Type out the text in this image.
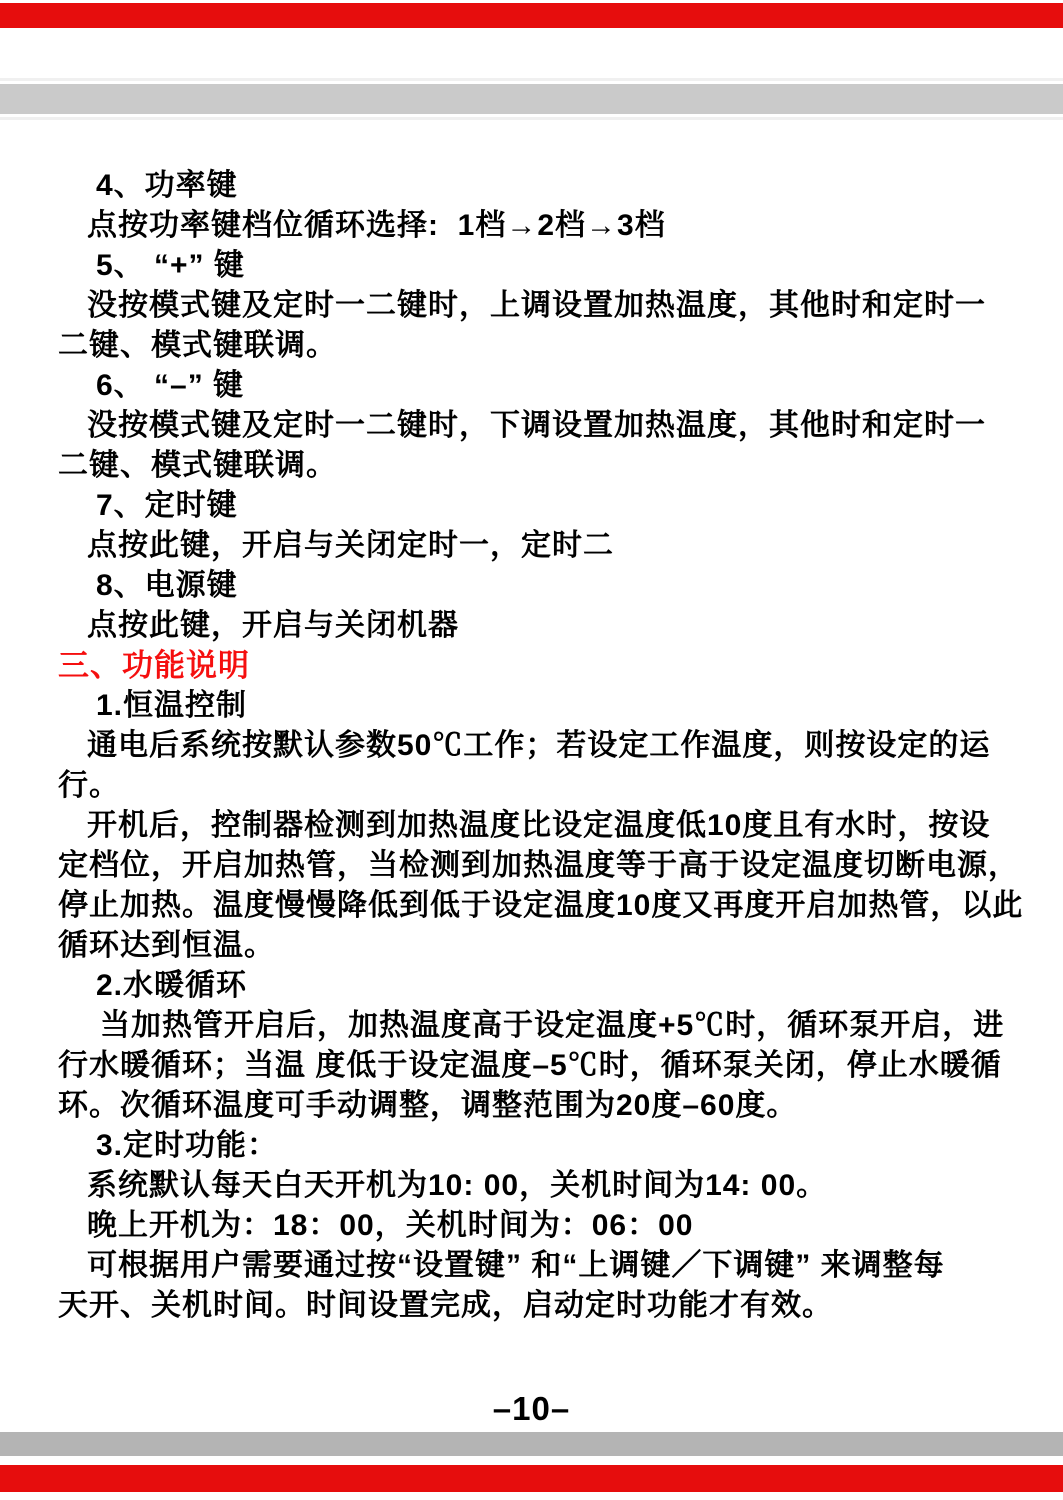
4、功率键
点按功率键档位循环选择:  1档→2档→3档
5、 “+” 键
没按模式键及定时一二键时，上调设置加热温度，其他时和定时一
二键、模式键联调。
6、 “–” 键
没按模式键及定时一二键时，下调设置加热温度，其他时和定时一
二键、模式键联调。
7、定时键
点按此键，开启与关闭定时一，定时二
8、电源键
点按此键，开启与关闭机器
三、功能说明
1.恒温控制
通电后系统按默认参数50℃工作；若设定工作温度，则按设定的运
行。
开机后，控制器检测到加热温度比设定温度低10度且有水时，按设
定档位，开启加热管，当检测到加热温度等于高于设定温度切断电源，
停止加热。温度慢慢降低到低于设定温度10度又再度开启加热管，以此
循环达到恒温。
2.水暖循环
当加热管开启后，加热温度高于设定温度+5℃时，循环泵开启，进
行水暖循环；当温 度低于设定温度–5℃时，循环泵关闭，停止水暖循
环。次循环温度可手动调整，调整范围为20度–60度。
3.定时功能：
系统默认每天白天开机为10: 00，关机时间为14: 00。
晚上开机为：18：00，关机时间为：06：00
可根据用户需要通过按“设置键” 和“上调键／下调键” 来调整每
天开、关机时间。时间设置完成，启动定时功能才有效。
–10–
